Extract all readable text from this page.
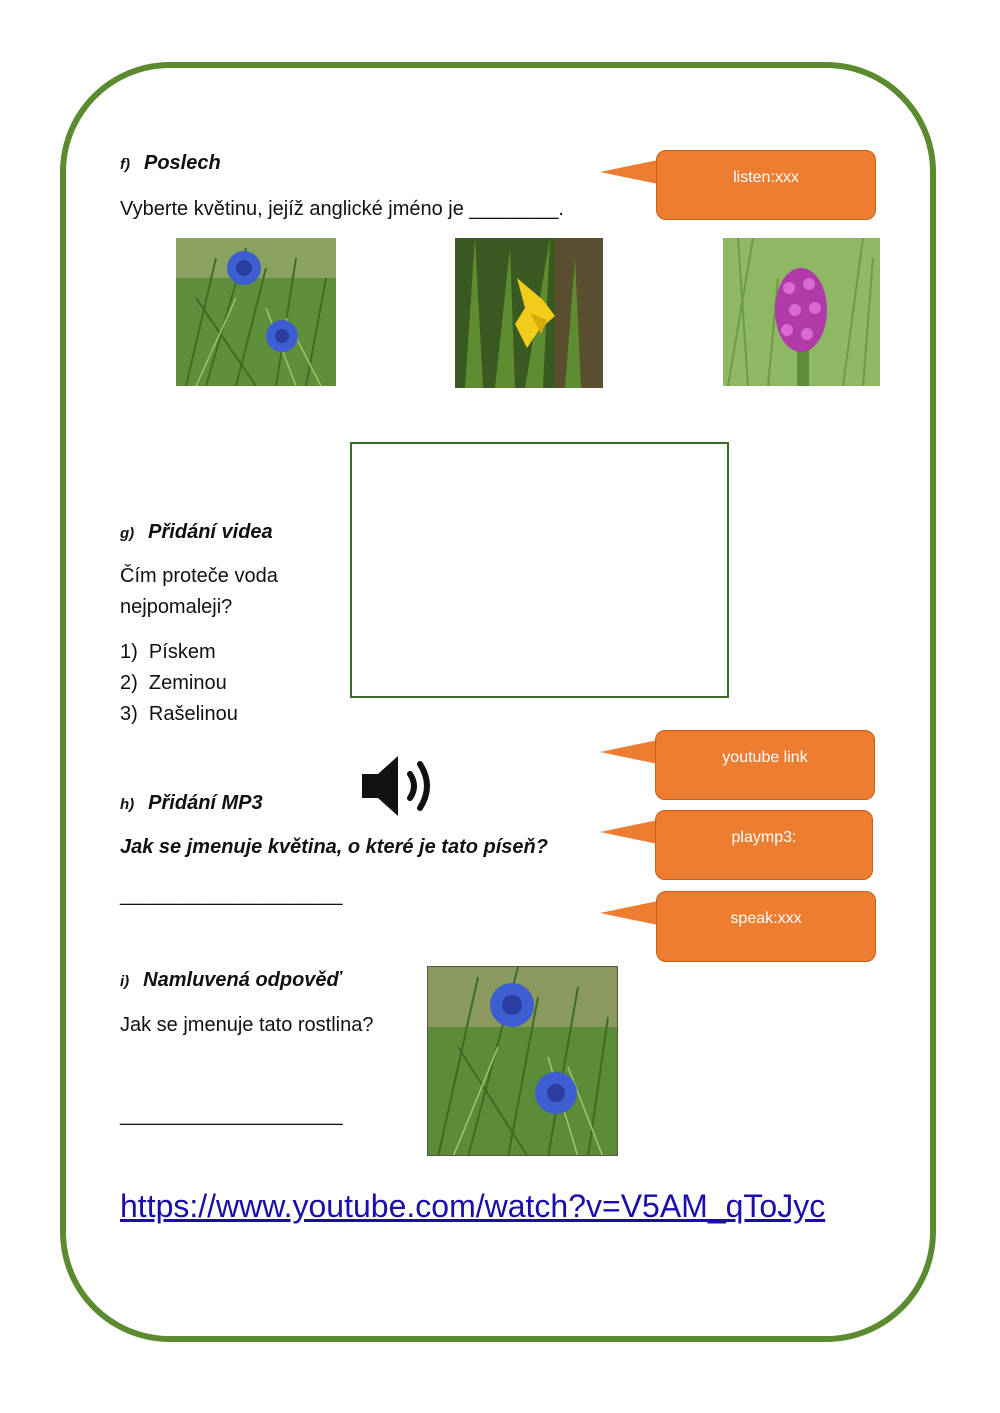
f) Poslech
Vyberte květinu, jejíž anglické jméno je ________.
listen:xxx
g) Přidání videa
Čím proteče voda
nejpomaleji?
1) Pískem
2) Zeminou
3) Rašelinou
youtube link
h) Přidání MP3
Jak se jmenuje květina, o které je tato píseň?
____________________
playmp3:
speak:xxx
i) Namluvená odpověď
Jak se jmenuje tato rostlina?
____________________
https://www.youtube.com/watch?v=V5AM_qToJyc
